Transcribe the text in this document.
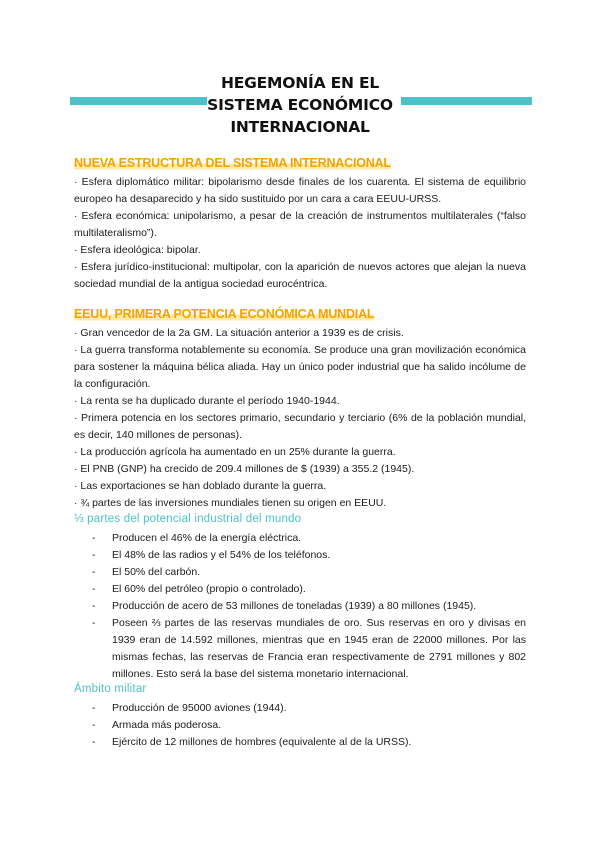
HEGEMONÍA EN EL
SISTEMA ECONÓMICO
INTERNACIONAL
NUEVA ESTRUCTURA DEL SISTEMA INTERNACIONAL

· Esfera diplomático militar: bipolarismo desde finales de los cuarenta. El sistema de equilibrio europeo ha desaparecido y ha sido sustituido por un cara a cara EEUU-URSS.

· Esfera económica: unipolarismo, a pesar de la creación de instrumentos multilaterales (“falso multilateralismo”).

· Esfera ideológica: bipolar.

· Esfera jurídico-institucional: multipolar, con la aparición de nuevos actores que alejan la nueva sociedad mundial de la antigua sociedad eurocéntrica.

EEUU, PRIMERA POTENCIA ECONÓMICA MUNDIAL

· Gran vencedor de la 2a GM. La situación anterior a 1939 es de crisis.

· La guerra transforma notablemente su economía. Se produce una gran movilización económica para sostener la máquina bélica aliada. Hay un único poder industrial que ha salido incólume de la configuración.

· La renta se ha duplicado durante el período 1940-1944.

· Primera potencia en los sectores primario, secundario y terciario (6% de la población mundial, es decir, 140 millones de personas).

· La producción agrícola ha aumentado en un 25% durante la guerra.

· El PNB (GNP) ha crecido de 209.4 millones de $ (1939) a 355.2 (1945).

· Las exportaciones se han doblado durante la guerra.

· ¾ partes de las inversiones mundiales tienen su origen en EEUU.

⅓ partes del potencial industrial del mundo
- Producen el 46% de la energía eléctrica.
- El 48% de las radios y el 54% de los teléfonos.
- El 50% del carbón.
- El 60% del petróleo (propio o controlado).
- Producción de acero de 53 millones de toneladas (1939) a 80 millones (1945).
- Poseen ⅔ partes de las reservas mundiales de oro. Sus reservas en oro y divisas en 1939 eran de 14.592 millones, mientras que en 1945 eran de 22000 millones. Por las mismas fechas, las reservas de Francia eran respectivamente de 2791 millones y 802 millones. Esto será la base del sistema monetario internacional.
Ámbito militar
- Producción de 95000 aviones (1944).
- Armada más poderosa.
- Ejército de 12 millones de hombres (equivalente al de la URSS).
